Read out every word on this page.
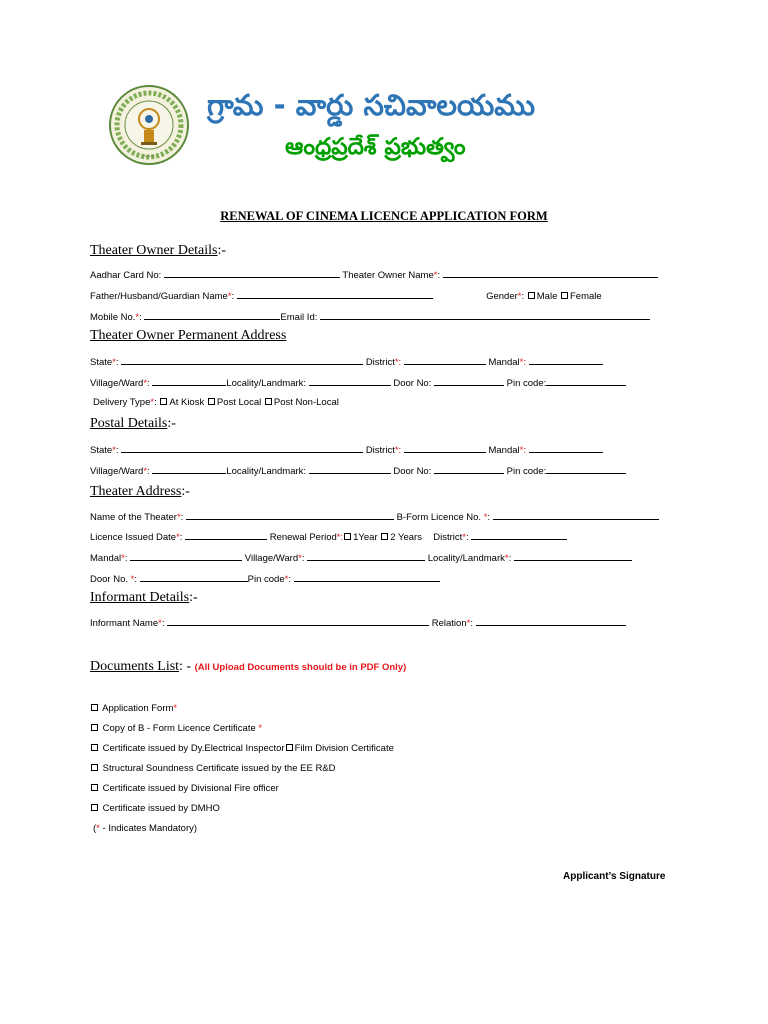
~~~
గ్రామ - వార్డు సచివాలయము
ఆంధ్రప్రదేశ్ ప్రభుత్వం
RENEWAL OF CINEMA LICENCE APPLICATION FORM
Theater Owner Details:-
Aadhar Card No:	Theater Owner Name*:
Father/Husband/Guardian Name*:	Gender*: Male Female
Mobile No.*:	Email Id:
Theater Owner Permanent Address
State*:	District*:	Mandal*:
Village/Ward*:	Locality/Landmark:	Door No:	Pin code:
Delivery Type*: At Kiosk Post Local Post Non-Local
Postal Details:-
State*:	District*:	Mandal*:
Village/Ward*:	Locality/Landmark:	Door No:	Pin code:
Theater Address:-
Name of the Theater*:	B-Form Licence No. *:
Licence Issued Date*:	Renewal Period*: 1Year 2 Years District*:
Mandal*:	Village/Ward*:	Locality/Landmark*:
Door No. *:	Pin code*:
Informant Details:-
Informant Name*:	Relation*:
Documents List: - (All Upload Documents should be in PDF Only)
Application Form*
Copy of B - Form Licence Certificate *
Certificate issued by Dy.Electrical Inspector Film Division Certificate
Structural Soundness Certificate issued by the EE R&D
Certificate issued by Divisional Fire officer
Certificate issued by DMHO
(* - Indicates Mandatory)
Applicant’s Signature
